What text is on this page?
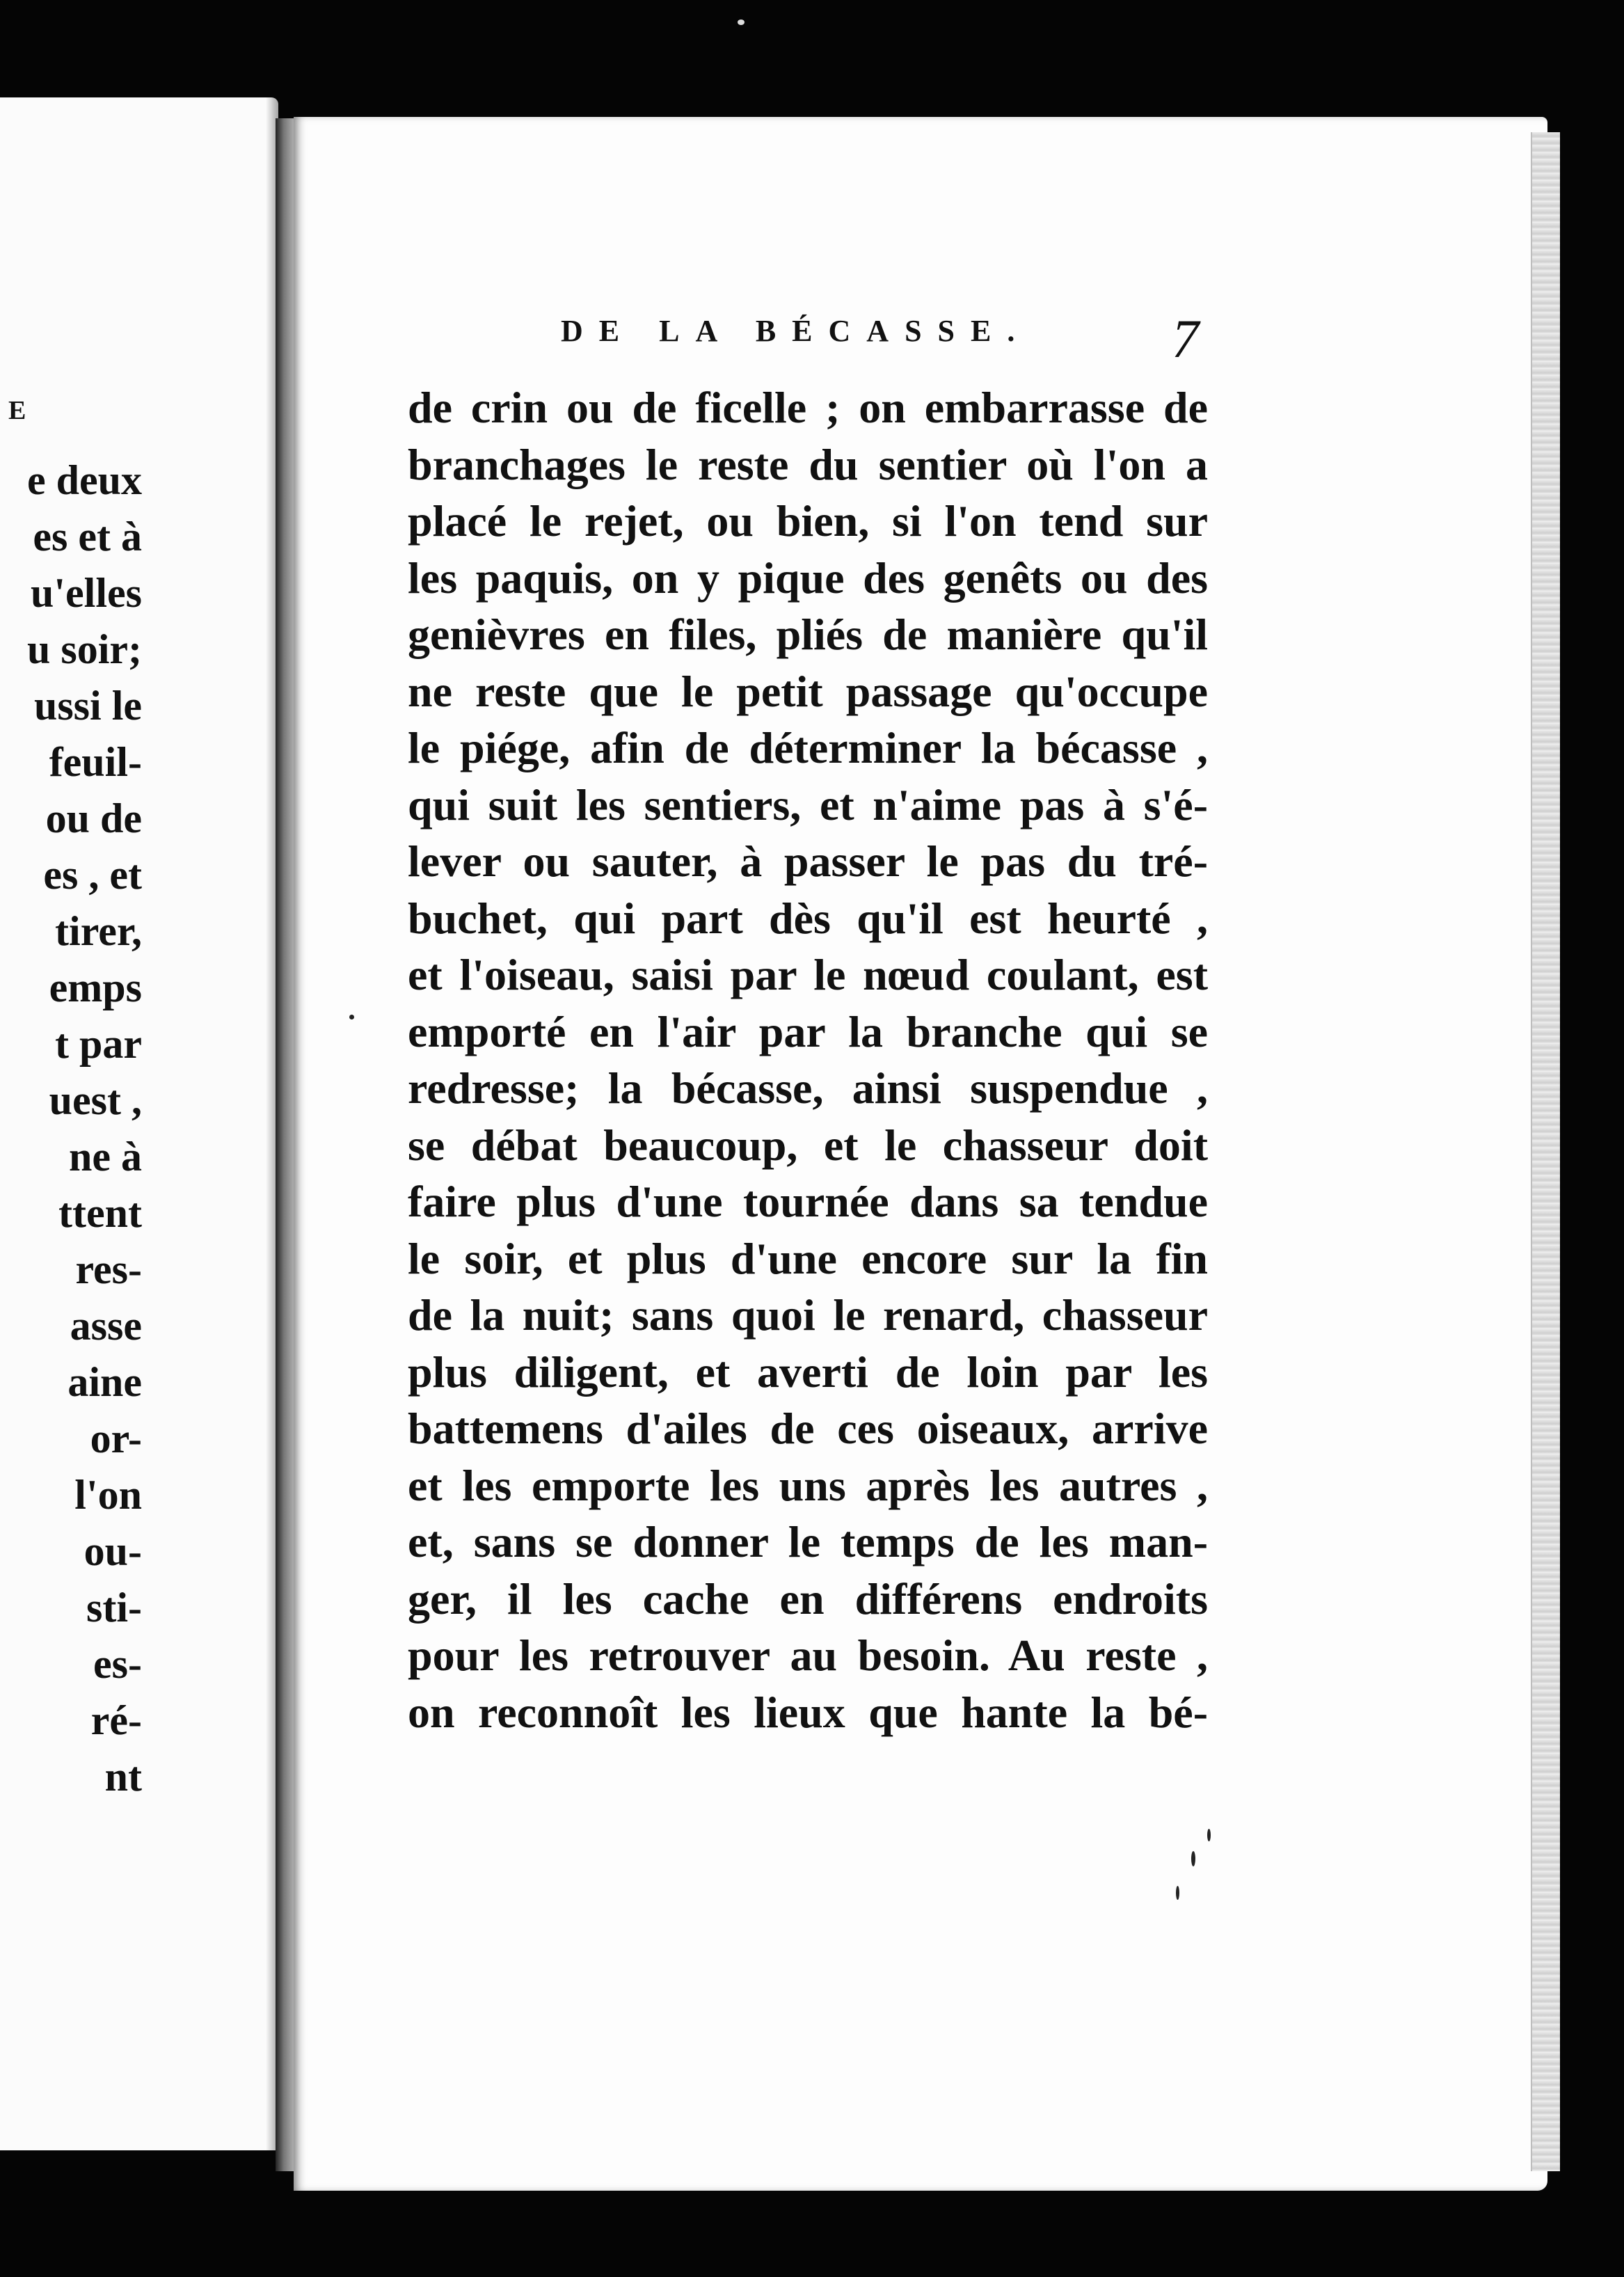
E

e deux
es et à
u'elles
u soir;
ussi le
feuil-
ou de
es , et
tirer,
emps
t par
uest ,
ne à
ttent
res-
asse
aine
or-
l'on
ou-
sti-
es-
ré-
nt

DE LA BÉCASSE.	7

de crin ou de ficelle ; on embarrasse de
branchages le reste du sentier où l'on a
placé le rejet, ou bien, si l'on tend sur
les paquis, on y pique des genêts ou des
genièvres en files, pliés de manière qu'il
ne reste que le petit passage qu'occupe
le piége, afin de déterminer la bécasse ,
qui suit les sentiers, et n'aime pas à s'é-
lever ou sauter, à passer le pas du tré-
buchet, qui part dès qu'il est heurté ,
et l'oiseau, saisi par le nœud coulant, est
emporté en l'air par la branche qui se
redresse; la bécasse, ainsi suspendue ,
se débat beaucoup, et le chasseur doit
faire plus d'une tournée dans sa tendue
le soir, et plus d'une encore sur la fin
de la nuit; sans quoi le renard, chasseur
plus diligent, et averti de loin par les
battemens d'ailes de ces oiseaux, arrive
et les emporte les uns après les autres ,
et, sans se donner le temps de les man-
ger, il les cache en différens endroits
pour les retrouver au besoin. Au reste ,
on reconnoît les lieux que hante la bé-
